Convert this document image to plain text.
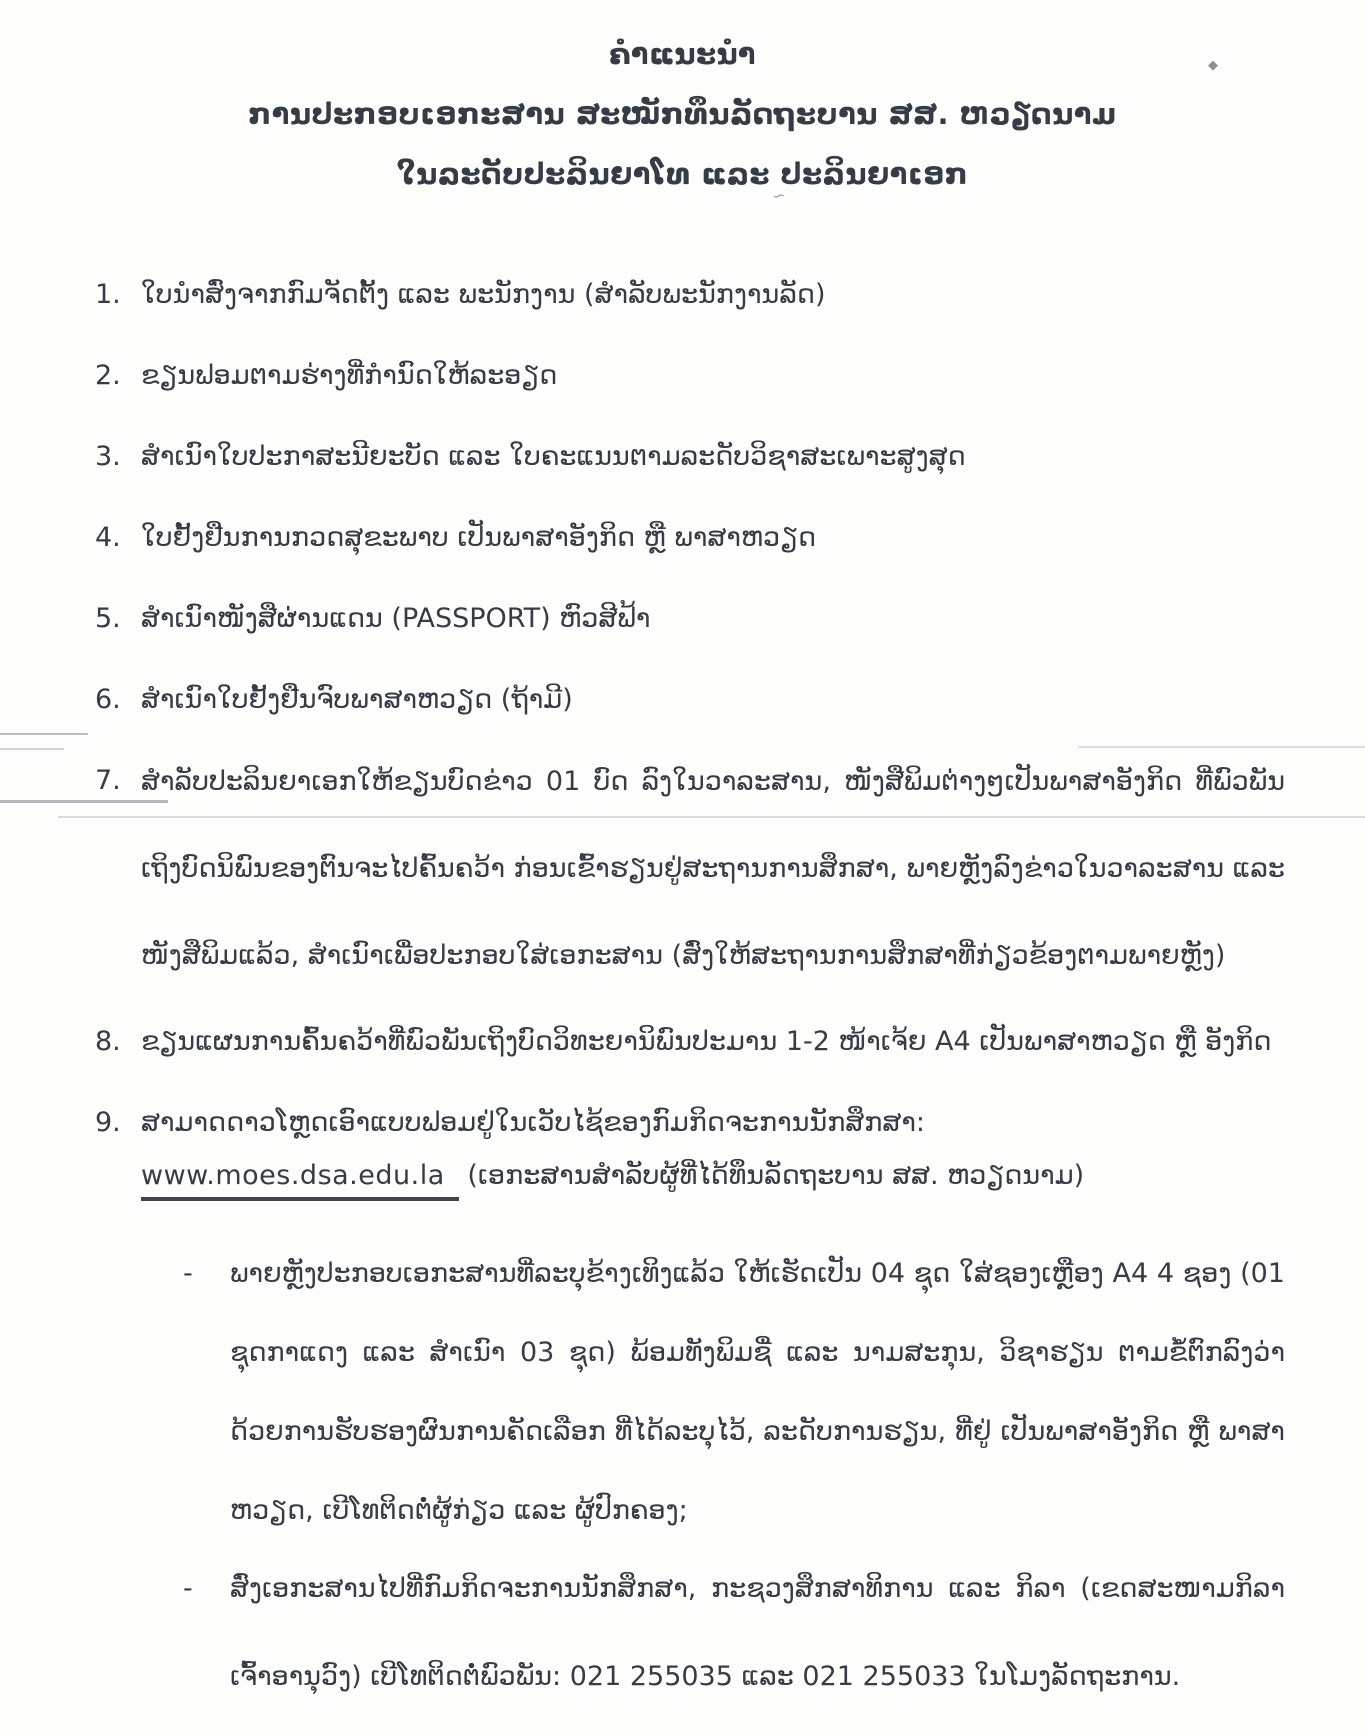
ຄຳແນະນຳ
ການປະກອບເອກະສານ ສະໝັກທຶນລັດຖະບານ ສສ. ຫວຽດນາມ
ໃນລະດັບປະລິນຍາໂທ ແລະ ປະລິນຍາເອກ
1. ໃບນຳສົ່ງຈາກກົມຈັດຕັ້ງ ແລະ ພະນັກງານ (ສຳລັບພະນັກງານລັດ)
2. ຂຽນຟອມຕາມຮ່າງທີ່ກຳນົດໃຫ້ລະອຽດ
3. ສຳເນົາໃບປະກາສະນີຍະບັດ ແລະ ໃບຄະແນນຕາມລະດັບວິຊາສະເພາະສູງສຸດ
4. ໃບຢັ້ງຢືນການກວດສຸຂະພາບ ເປັນພາສາອັງກິດ ຫຼື ພາສາຫວຽດ
5. ສຳເນົາໜັງສືຜ່ານແດນ (PASSPORT) ຫົວສີຟ້າ
6. ສຳເນົາໃບຢັ້ງຢືນຈົບພາສາຫວຽດ (ຖ້າມີ)
7. ສຳລັບປະລິນຍາເອກໃຫ້ຂຽນບົດຂ່າວ 01 ບົດ ລົງໃນວາລະສານ, ໜັງສືພິມຕ່າງໆເປັນພາສາອັງກິດ ທີ່ພົວພັນ ເຖິງບົດນິພົນຂອງຕົນຈະໄປຄົ້ນຄວ້າ ກ່ອນເຂົ້າຮຽນຢູ່ສະຖານການສຶກສາ, ພາຍຫຼັງລົງຂ່າວໃນວາລະສານ ແລະ ໜັງສືພິມແລ້ວ, ສຳເນົາເພື່ອປະກອບໃສ່ເອກະສານ (ສົ່ງໃຫ້ສະຖານການສຶກສາທີ່ກ່ຽວຂ້ອງຕາມພາຍຫຼັງ)
8. ຂຽນແຜນການຄົ້ນຄວ້າທີ່ພົວພັນເຖິງບົດວິທະຍານິພົນປະມານ 1-2 ໜ້າເຈ້ຍ A4 ເປັນພາສາຫວຽດ ຫຼື ອັງກິດ
9. ສາມາດດາວໂຫຼດເອົາແບບຟອມຢູ່ໃນເວັບໄຊ້ຂອງກົມກິດຈະການນັກສຶກສາ:
www.moes.dsa.edu.la (ເອກະສານສຳລັບຜູ້ທີ່ໄດ້ທຶນລັດຖະບານ ສສ. ຫວຽດນາມ)
-	ພາຍຫຼັງປະກອບເອກະສານທີ່ລະບຸຂ້າງເທິງແລ້ວ ໃຫ້ເຮັດເປັນ 04 ຊຸດ ໃສ່ຊອງເຫຼືອງ A4 4 ຊອງ (01 ຊຸດກາແດງ ແລະ ສຳເນົາ 03 ຊຸດ) ພ້ອມທັງພິມຊື່ ແລະ ນາມສະກຸນ, ວິຊາຮຽນ ຕາມຂໍ້ຕົກລົງວ່າດ້ວຍການຮັບຮອງຜົນການຄັດເລືອກ ທີ່ໄດ້ລະບຸໄວ້, ລະດັບການຮຽນ, ທີ່ຢູ່ ເປັນພາສາອັງກິດ ຫຼື ພາສາຫວຽດ, ເບີໂທຕິດຕໍ່ຜູ້ກ່ຽວ ແລະ ຜູ້ປົກຄອງ;
-	ສົ່ງເອກະສານໄປທີ່ກົມກິດຈະການນັກສຶກສາ, ກະຊວງສຶກສາທິການ ແລະ ກິລາ (ເຂດສະໜາມກິລາ ເຈົ້າອານຸວົງ) ເບີໂທຕິດຕໍ່ພົວພັນ: 021 255035 ແລະ 021 255033 ໃນໂມງລັດຖະການ.
◆
∽
